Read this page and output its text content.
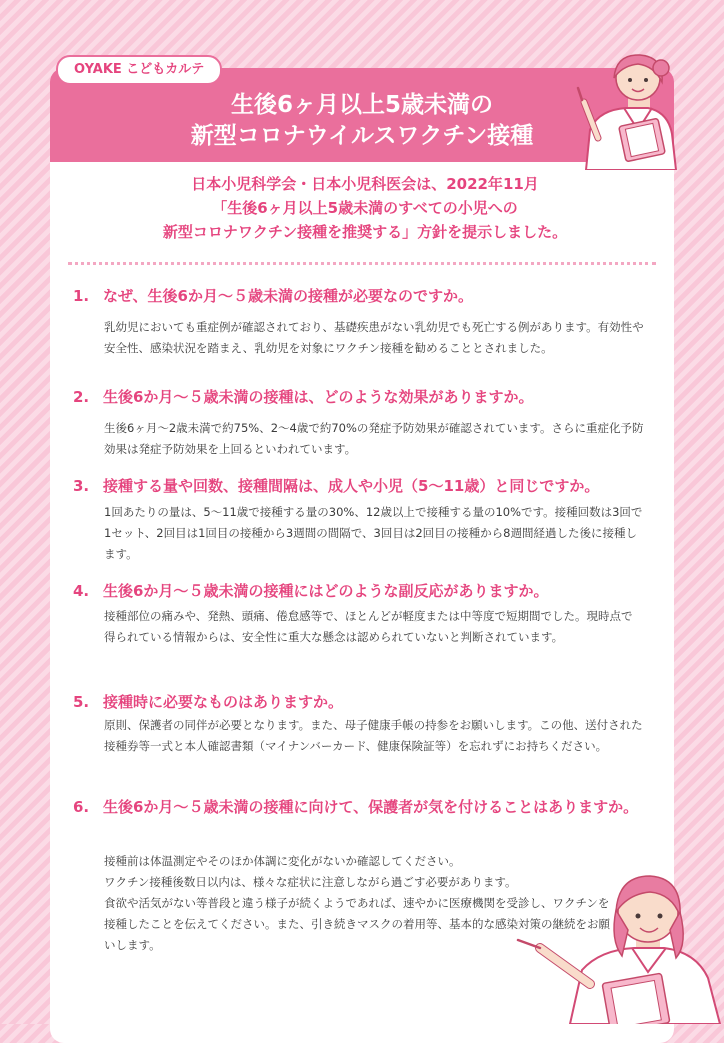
生後6ヶ月以上5歳未満の
新型コロナウイルスワクチン接種
OYAKE こどもカルテ
日本小児科学会・日本小児科医会は、2022年11月
「生後6ヶ月以上5歳未満のすべての小児への
新型コロナワクチン接種を推奨する」方針を提示しました。
1. なぜ、生後6か月〜５歳未満の接種が必要なのですか。
乳幼児においても重症例が確認されており、基礎疾患がない乳幼児でも死亡する例があります。有効性や安全性、感染状況を踏まえ、乳幼児を対象にワクチン接種を勧めることとされました。
2. 生後6か月〜５歳未満の接種は、どのような効果がありますか。
生後6ヶ月〜2歳未満で約75%、2〜4歳で約70%の発症予防効果が確認されています。さらに重症化予防効果は発症予防効果を上回るといわれています。
3. 接種する量や回数、接種間隔は、成人や小児（5〜11歳）と同じですか。
1回あたりの量は、5〜11歳で接種する量の30%、12歳以上で接種する量の10%です。接種回数は3回で1セット、2回目は1回目の接種から3週間の間隔で、3回目は2回目の接種から8週間経過した後に接種します。
4. 生後6か月〜５歳未満の接種にはどのような副反応がありますか。
接種部位の痛みや、発熱、頭痛、倦怠感等で、ほとんどが軽度または中等度で短期間でした。現時点で得られている情報からは、安全性に重大な懸念は認められていないと判断されています。
5. 接種時に必要なものはありますか。
原則、保護者の同伴が必要となります。また、母子健康手帳の持参をお願いします。この他、送付された接種券等一式と本人確認書類（マイナンバーカード、健康保険証等）を忘れずにお持ちください。
6. 生後6か月〜５歳未満の接種に向けて、保護者が気を付けることはありますか。
接種前は体温測定やそのほか体調に変化がないか確認してください。
ワクチン接種後数日以内は、様々な症状に注意しながら過ごす必要があります。
食欲や活気がない等普段と違う様子が続くようであれば、速やかに医療機関を受診し、ワクチンを接種したことを伝えてください。また、引き続きマスクの着用等、基本的な感染対策の継続をお願いします。
